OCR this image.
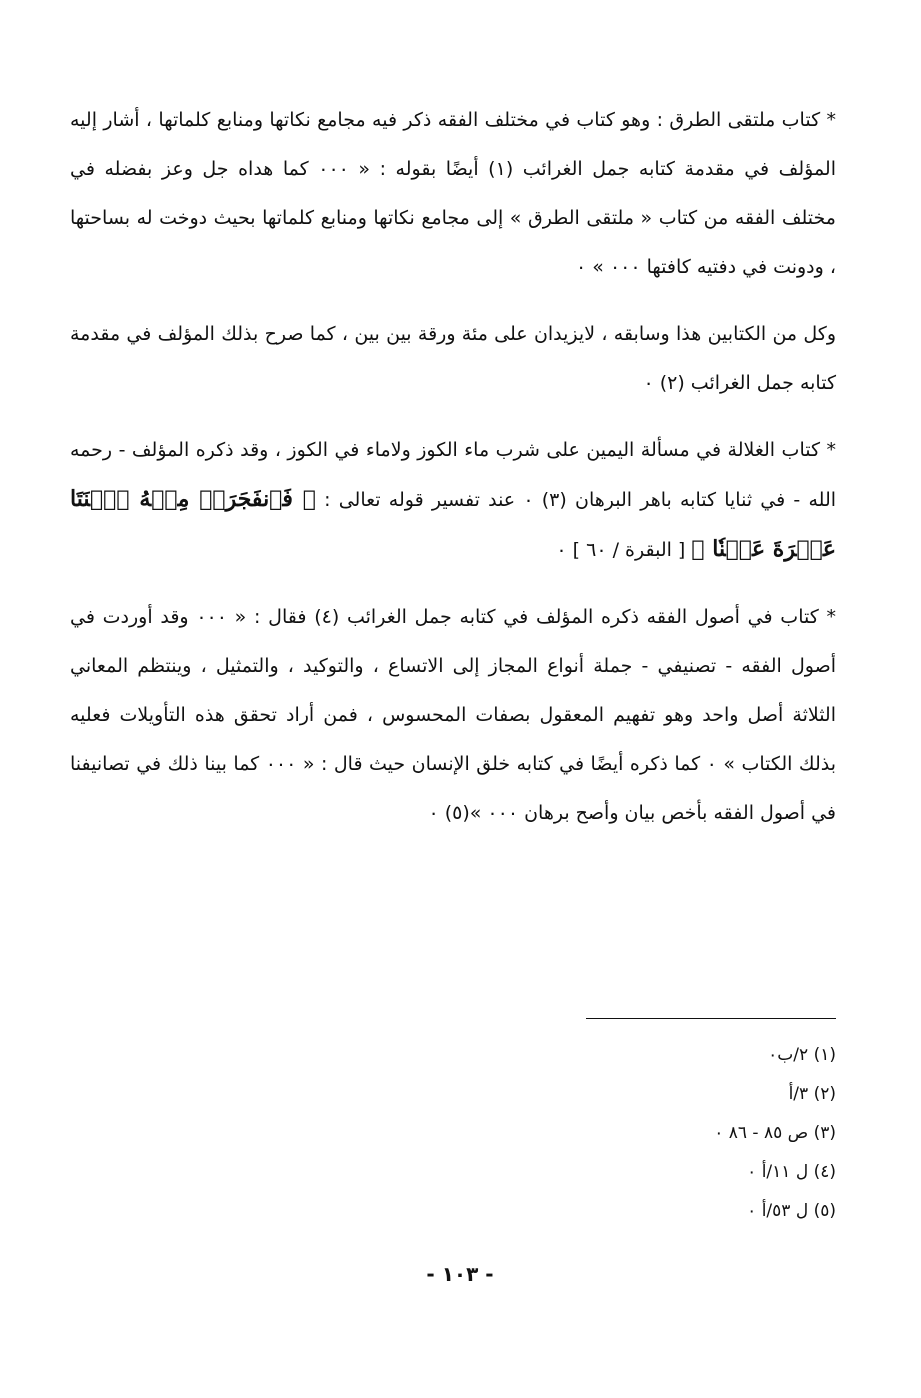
* كتاب ملتقى الطرق : وهو كتاب في مختلف الفقه ذكر فيه مجامع نكاتها ومنابع كلماتها ، أشار إليه المؤلف في مقدمة كتابه جمل الغرائب (١) أيضًا بقوله : « ٠٠٠ كما هداه جل وعز بفضله في مختلف الفقه من كتاب « ملتقى الطرق » إلى مجامع نكاتها ومنابع كلماتها بحيث دوخت له بساحتها ، ودونت في دفتيه كافتها ٠٠٠ » ٠

وكل من الكتابين هذا وسابقه ، لايزيدان على مئة ورقة بين بين ، كما صرح بذلك المؤلف في مقدمة كتابه جمل الغرائب (٢) ٠

* كتاب الغلالة في مسألة اليمين على شرب ماء الكوز ولاماء في الكوز ، وقد ذكره المؤلف - رحمه الله - في ثنايا كتابه باهر البرهان (٣) ٠ عند تفسير قوله تعالى : ﴿ فَٱنفَجَرَتۡ مِنۡهُ ٱثۡنَتَا عَشۡرَةَ عَيۡنٗا ﴾ [ البقرة / ٦٠ ] ٠

* كتاب في أصول الفقه ذكره المؤلف في كتابه جمل الغرائب (٤) فقال : « ٠٠٠ وقد أوردت في أصول الفقه - تصنيفي - جملة أنواع المجاز إلى الاتساع ، والتوكيد ، والتمثيل ، وينتظم المعاني الثلاثة أصل واحد وهو تفهيم المعقول بصفات المحسوس ، فمن أراد تحقق هذه التأويلات فعليه بذلك الكتاب » ٠ كما ذكره أيضًا في كتابه خلق الإنسان حيث قال : « ٠٠٠ كما بينا ذلك في تصانيفنا في أصول الفقه بأخص بيان وأصح برهان ٠٠٠ »(٥) ٠

(١) ٢/ب٠
(٢) ٣/أ
(٣) ص ٨٥ - ٨٦ ٠
(٤) ل ١١/أ ٠
(٥) ل ٥٣/أ ٠
- ١٠٣ -
